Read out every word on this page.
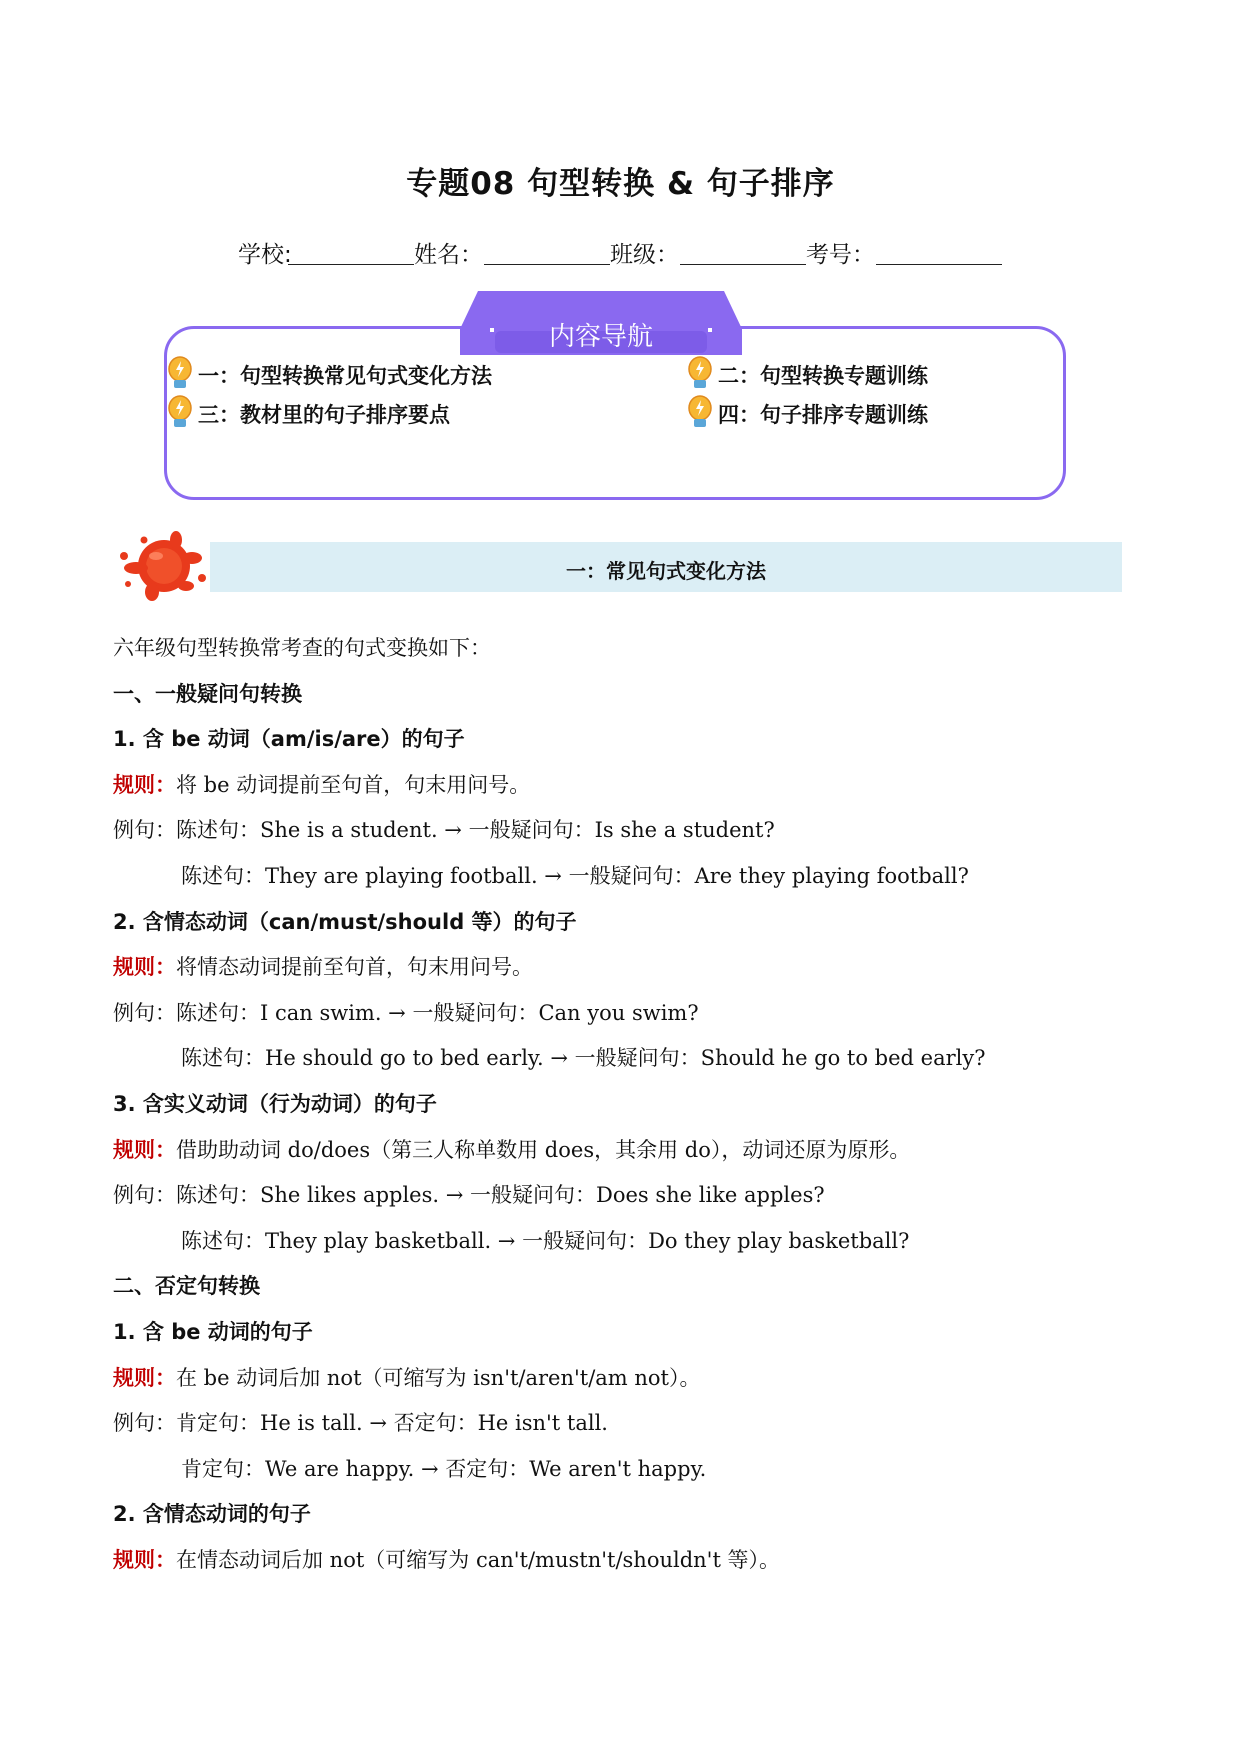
专题08 句型转换 & 句子排序
学校:	姓名：	班级：	考号：
内容导航
一：句型转换常见句式变化方法	二：句型转换专题训练
三：教材里的句子排序要点	四：句子排序专题训练
一：常见句式变化方法
六年级句型转换常考查的句式变换如下：
一、一般疑问句转换
1. 含 be 动词（am/is/are）的句子
规则：将 be 动词提前至句首，句末用问号。
例句：陈述句：She is a student. → 一般疑问句：Is she a student?
陈述句：They are playing football. → 一般疑问句：Are they playing football?
2. 含情态动词（can/must/should 等）的句子
规则：将情态动词提前至句首，句末用问号。
例句：陈述句：I can swim. → 一般疑问句：Can you swim?
陈述句：He should go to bed early. → 一般疑问句：Should he go to bed early?
3. 含实义动词（行为动词）的句子
规则：借助助动词 do/does（第三人称单数用 does，其余用 do），动词还原为原形。
例句：陈述句：She likes apples. → 一般疑问句：Does she like apples?
陈述句：They play basketball. → 一般疑问句：Do they play basketball?
二、否定句转换
1. 含 be 动词的句子
规则：在 be 动词后加 not（可缩写为 isn't/aren't/am not）。
例句：肯定句：He is tall. → 否定句：He isn't tall.
肯定句：We are happy. → 否定句：We aren't happy.
2. 含情态动词的句子
规则：在情态动词后加 not（可缩写为 can't/mustn't/shouldn't 等）。
